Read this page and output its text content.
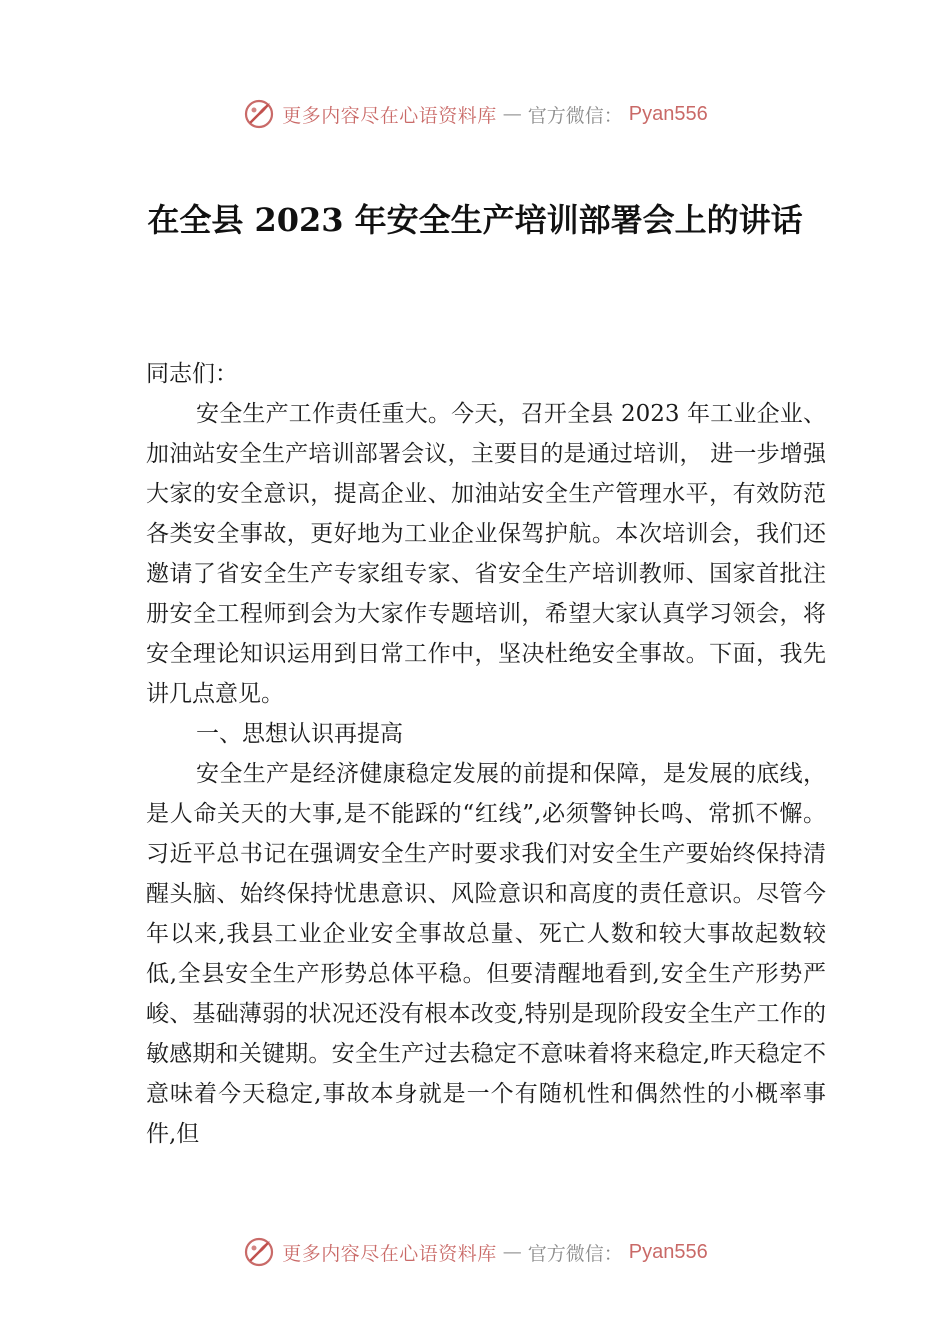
更多内容尽在心语资料库 — 官方微信： Pyan556
在全县 2023 年安全生产培训部署会上的讲话

同志们：

安全生产工作责任重大。今天，召开全县 2023 年工业企业、加油站安全生产培训部署会议，主要目的是通过培训， 进一步增强大家的安全意识，提高企业、加油站安全生产管理水平，有效防范各类安全事故，更好地为工业企业保驾护航。本次培训会，我们还邀请了省安全生产专家组专家、省安全生产培训教师、国家首批注册安全工程师到会为大家作专题培训，希望大家认真学习领会，将安全理论知识运用到日常工作中，坚决杜绝安全事故。下面，我先讲几点意见。

一、思想认识再提高

安全生产是经济健康稳定发展的前提和保障，是发展的底线，是人命关天的大事,是不能踩的“红线”,必须警钟长鸣、常抓不懈。习近平总书记在强调安全生产时要求我们对安全生产要始终保持清醒头脑、始终保持忧患意识、风险意识和高度的责任意识。尽管今年以来,我县工业企业安全事故总量、死亡人数和较大事故起数较低,全县安全生产形势总体平稳。但要清醒地看到,安全生产形势严峻、基础薄弱的状况还没有根本改变,特别是现阶段安全生产工作的敏感期和关键期。安全生产过去稳定不意味着将来稳定,昨天稳定不意味着今天稳定,事故本身就是一个有随机性和偶然性的小概率事件,但

更多内容尽在心语资料库 — 官方微信： Pyan556
